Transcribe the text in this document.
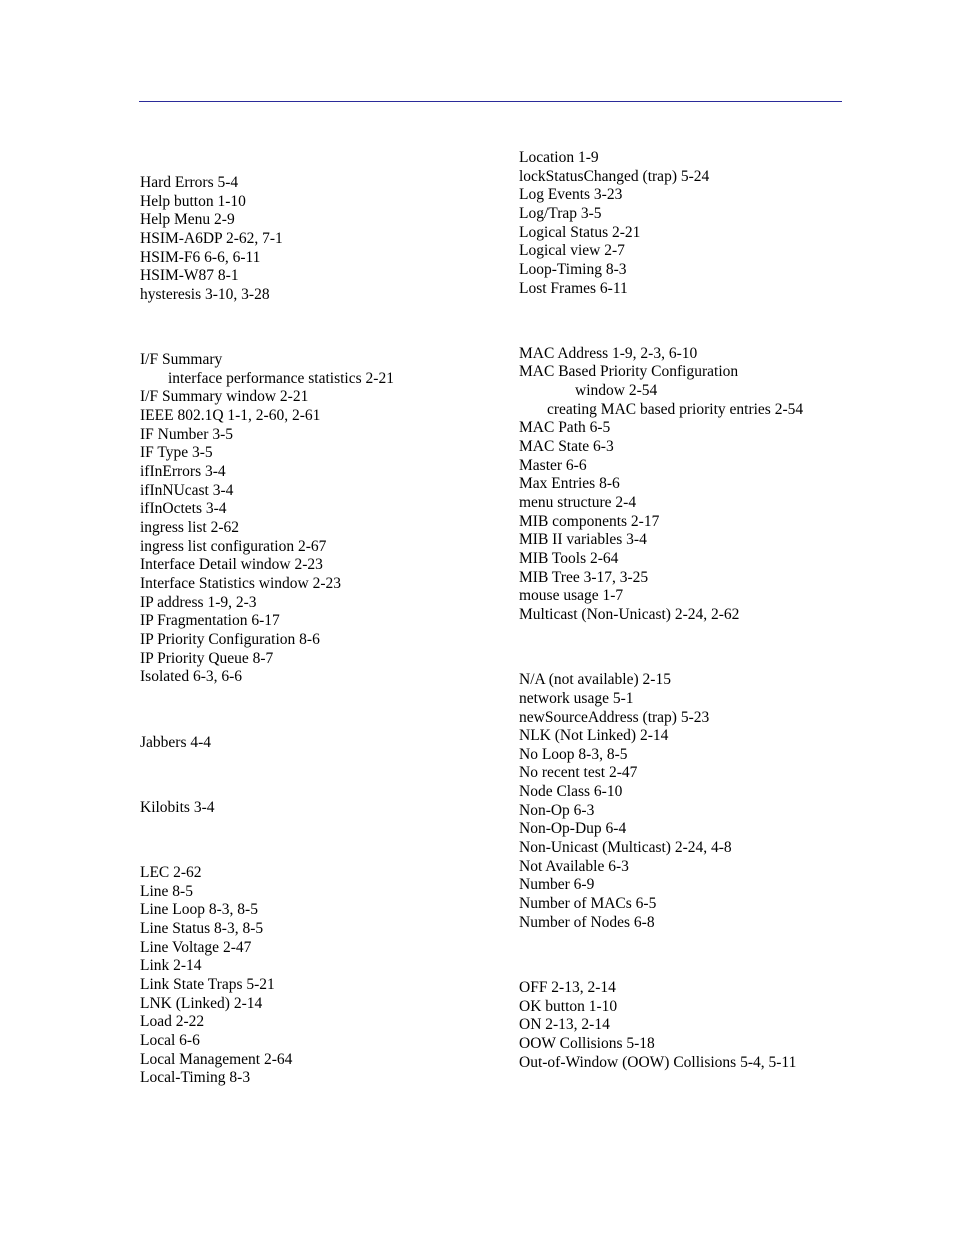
Hard Errors 5-4
Help button 1-10
Help Menu 2-9
HSIM-A6DP 2-62, 7-1
HSIM-F6 6-6, 6-11
HSIM-W87 8-1
hysteresis 3-10, 3-28
I/F Summary
interface performance statistics 2-21
I/F Summary window 2-21
IEEE 802.1Q 1-1, 2-60, 2-61
IF Number 3-5
IF Type 3-5
ifInErrors 3-4
ifInNUcast 3-4
ifInOctets 3-4
ingress list 2-62
ingress list configuration 2-67
Interface Detail window 2-23
Interface Statistics window 2-23
IP address 1-9, 2-3
IP Fragmentation 6-17
IP Priority Configuration 8-6
IP Priority Queue 8-7
Isolated 6-3, 6-6
Jabbers 4-4
Kilobits 3-4
LEC 2-62
Line 8-5
Line Loop 8-3, 8-5
Line Status 8-3, 8-5
Line Voltage 2-47
Link 2-14
Link State Traps 5-21
LNK (Linked) 2-14
Load 2-22
Local 6-6
Local Management 2-64
Local-Timing 8-3
Location 1-9
lockStatusChanged (trap) 5-24
Log Events 3-23
Log/Trap 3-5
Logical Status 2-21
Logical view 2-7
Loop-Timing 8-3
Lost Frames 6-11
MAC Address 1-9, 2-3, 6-10
MAC Based Priority Configuration
window 2-54
creating MAC based priority entries 2-54
MAC Path 6-5
MAC State 6-3
Master 6-6
Max Entries 8-6
menu structure 2-4
MIB components 2-17
MIB II variables 3-4
MIB Tools 2-64
MIB Tree 3-17, 3-25
mouse usage 1-7
Multicast (Non-Unicast) 2-24, 2-62
N/A (not available) 2-15
network usage 5-1
newSourceAddress (trap) 5-23
NLK (Not Linked) 2-14
No Loop 8-3, 8-5
No recent test 2-47
Node Class 6-10
Non-Op 6-3
Non-Op-Dup 6-4
Non-Unicast (Multicast) 2-24, 4-8
Not Available 6-3
Number 6-9
Number of MACs 6-5
Number of Nodes 6-8
OFF 2-13, 2-14
OK button 1-10
ON 2-13, 2-14
OOW Collisions 5-18
Out-of-Window (OOW) Collisions 5-4, 5-11
